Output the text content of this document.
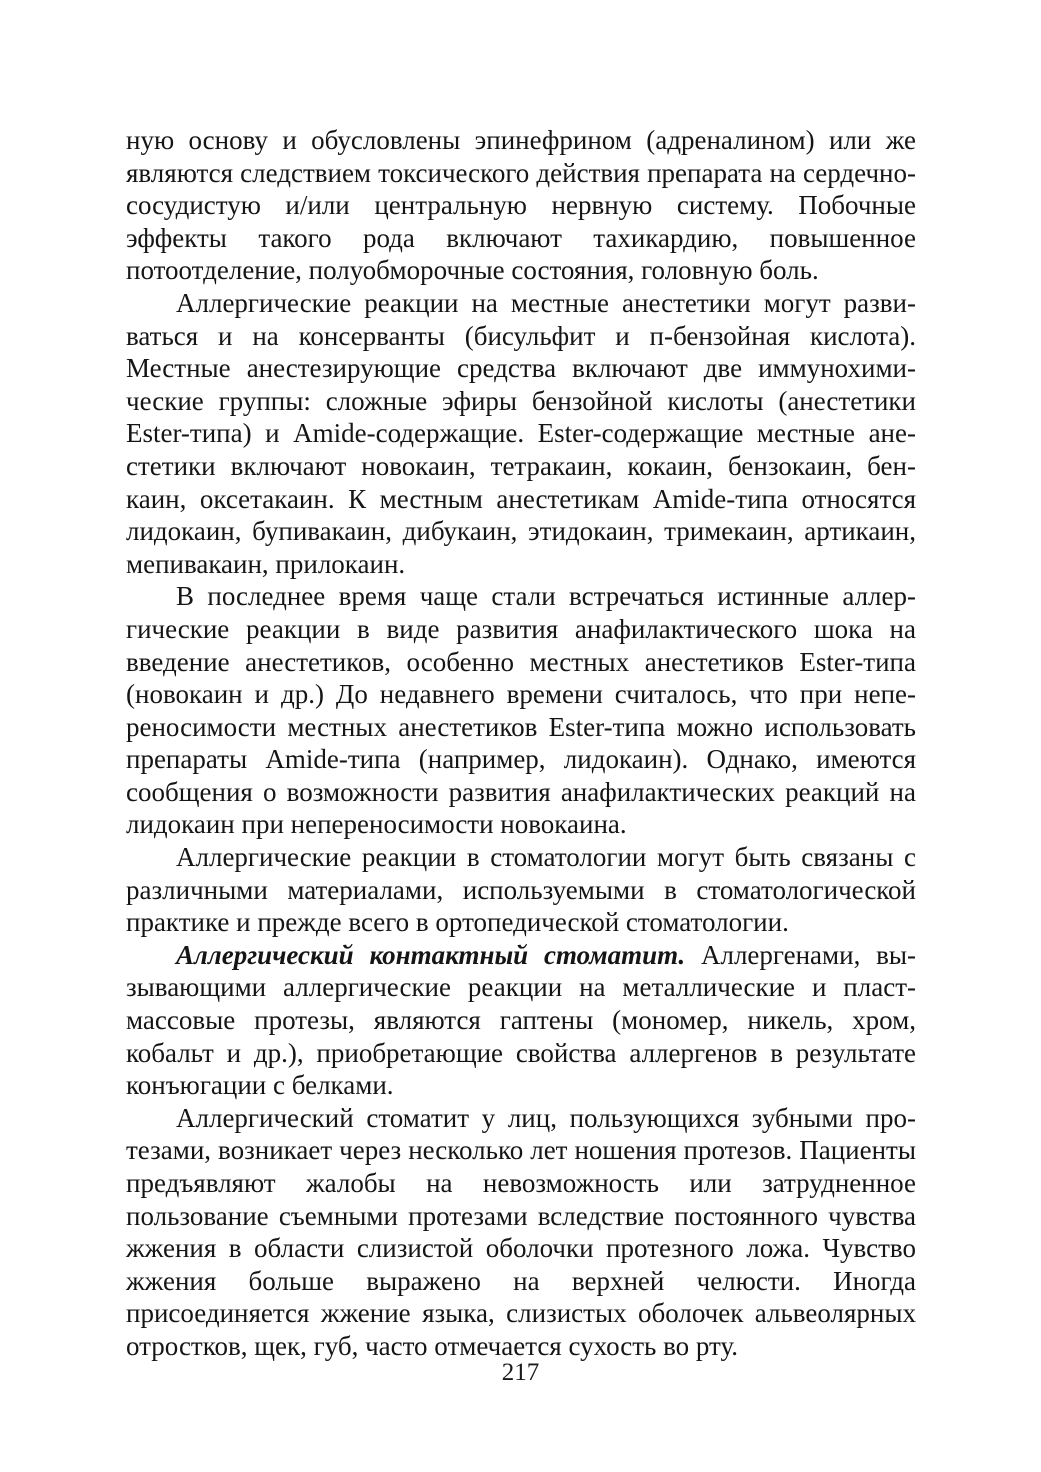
ную основу и обусловлены эпинефрином (адреналином) или же являются следствием токсического действия препарата на сердечно-сосудистую и/или центральную нервную систему. Побочные эффекты такого рода включают тахикардию, повышенное потоотделение, полуобморочные состояния, головную боль.

Аллергические реакции на местные анестетики могут развиваться и на консерванты (бисульфит и п-бензойная кислота). Местные анестезирующие средства включают две иммунохимические группы: сложные эфиры бензойной кислоты (анестетики Ester-типа) и Amide-содержащие. Ester-содержащие местные анестетики включают новокаин, тетракаин, кокаин, бензокаин, бенкаин, оксетакаин. К местным анестетикам Amide-типа относятся лидокаин, бупивакаин, дибукаин, этидокаин, тримекаин, артикаин, мепивакаин, прилокаин.

В последнее время чаще стали встречаться истинные аллергические реакции в виде развития анафилактического шока на введение анестетиков, особенно местных анестетиков Ester-типа (новокаин и др.) До недавнего времени считалось, что при непереносимости местных анестетиков Ester-типа можно использовать препараты Amide-типа (например, лидокаин). Однако, имеются сообщения о возможности развития анафилактических реакций на лидокаин при непереносимости новокаина.

Аллергические реакции в стоматологии могут быть связаны с различными материалами, используемыми в стоматологической практике и прежде всего в ортопедической стоматологии.

Аллергический контактный стоматит. Аллергенами, вызывающими аллергические реакции на металлические и пластмассовые протезы, являются гаптены (мономер, никель, хром, кобальт и др.), приобретающие свойства аллергенов в результате конъюгации с белками.

Аллергический стоматит у лиц, пользующихся зубными протезами, возникает через несколько лет ношения протезов. Пациенты предъявляют жалобы на невозможность или затрудненное пользование съемными протезами вследствие постоянного чувства жжения в области слизистой оболочки протезного ложа. Чувство жжения больше выражено на верхней челюсти. Иногда присоединяется жжение языка, слизистых оболочек альвеолярных отростков, щек, губ, часто отмечается сухость во рту.

217
